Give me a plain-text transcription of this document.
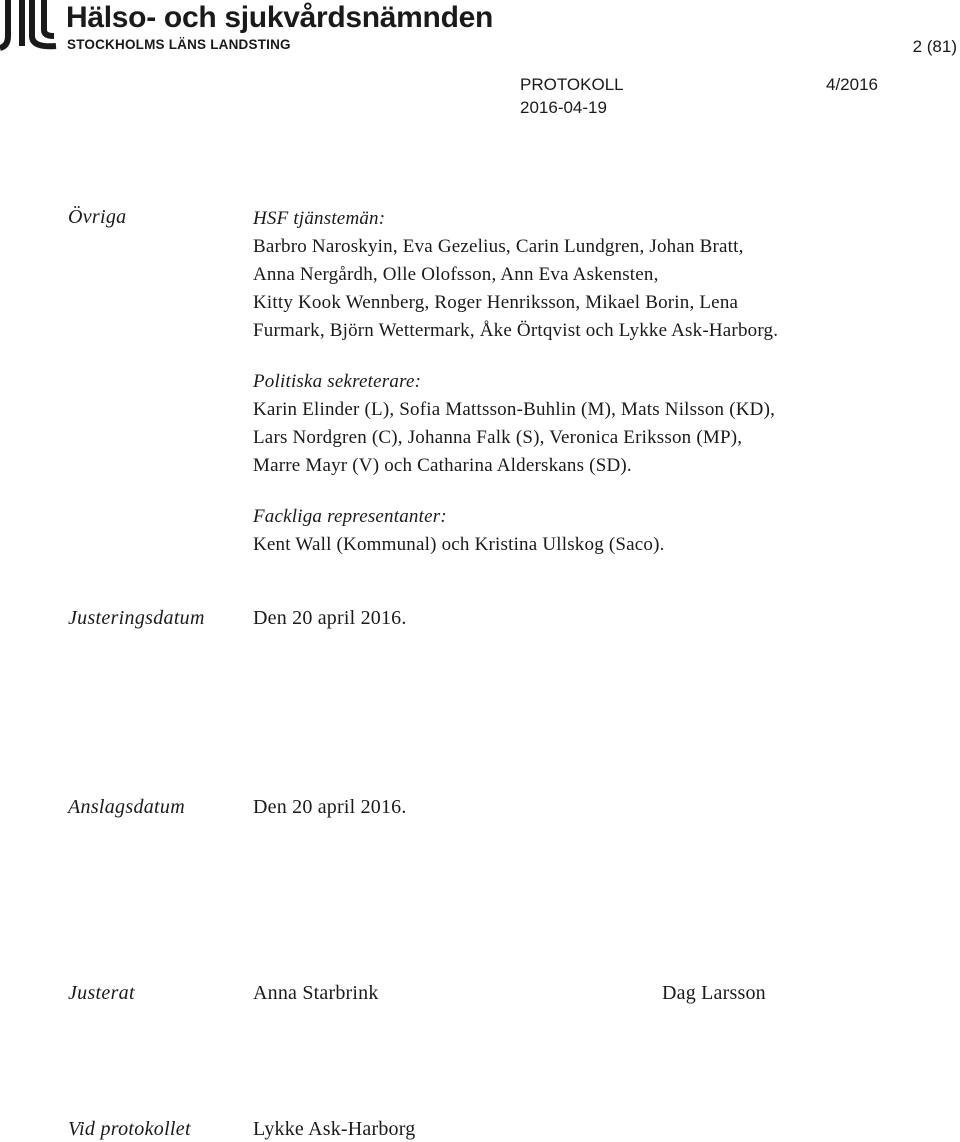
Hälso- och sjukvårdsnämnden
STOCKHOLMS LÄNS LANDSTING	2 (81)
PROTOKOLL	4/2016
2016-04-19
Övriga	HSF tjänstemän:

Barbro Naroskyin, Eva Gezelius, Carin Lundgren, Johan Bratt,

Anna Nergårdh, Olle Olofsson, Ann Eva Askensten,

Kitty Kook Wennberg, Roger Henriksson, Mikael Borin, Lena

Furmark, Björn Wettermark, Åke Örtqvist och Lykke Ask-Harborg.

Politiska sekreterare:

Karin Elinder (L), Sofia Mattsson-Buhlin (M), Mats Nilsson (KD),

Lars Nordgren (C), Johanna Falk (S), Veronica Eriksson (MP),

Marre Mayr (V) och Catharina Alderskans (SD).

Fackliga representanter:

Kent Wall (Kommunal) och Kristina Ullskog (Saco).

Justeringsdatum Den 20 april 2016.
Anslagsdatum	Den 20 april 2016.
Justerat	Anna Starbrink	Dag Larsson
Vid protokollet	Lykke Ask-Harborg
